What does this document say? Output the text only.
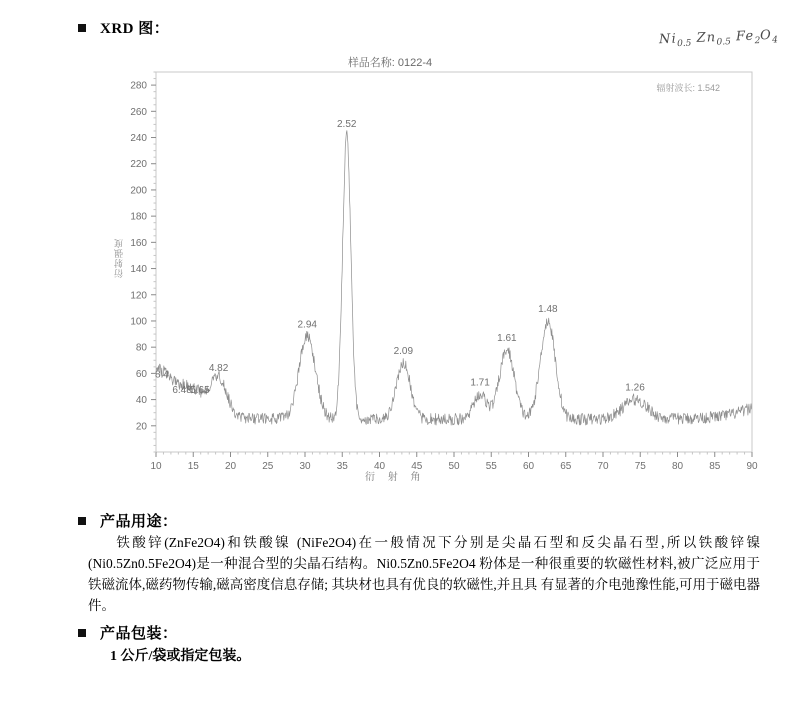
XRD 图：
$Ni_{0.5}$ $Zn_{0.5}$ $Fe_2O_4$
样品名称: 0122-4
辐射波长: 1.542
衍射强度
衍 射 角
10	15	20	25	30	35	40	45	50	55	60	65	70	75	80	85	90
20
40
60
80
100
120
140
160
180
200
220
240
260
280
8.4
6.48
5.65
4.82
2.94
2.52
2.09
1.71
1.61
1.48
1.26
产品用途：
铁酸锌(ZnFe2O4)和铁酸镍 (NiFe2O4)在一般情况下分别是尖晶石型和反尖晶石型,所以铁酸锌镍(Ni0.5Zn0.5Fe2O4)是一种混合型的尖晶石结构。Ni0.5Zn0.5Fe2O4 粉体是一种很重要的软磁性材料,被广泛应用于铁磁流体,磁药物传输,磁高密度信息存储; 其块材也具有优良的软磁性,并且具 有显著的介电弛豫性能,可用于磁电器件。
产品包装：
1 公斤/袋或指定包装。
